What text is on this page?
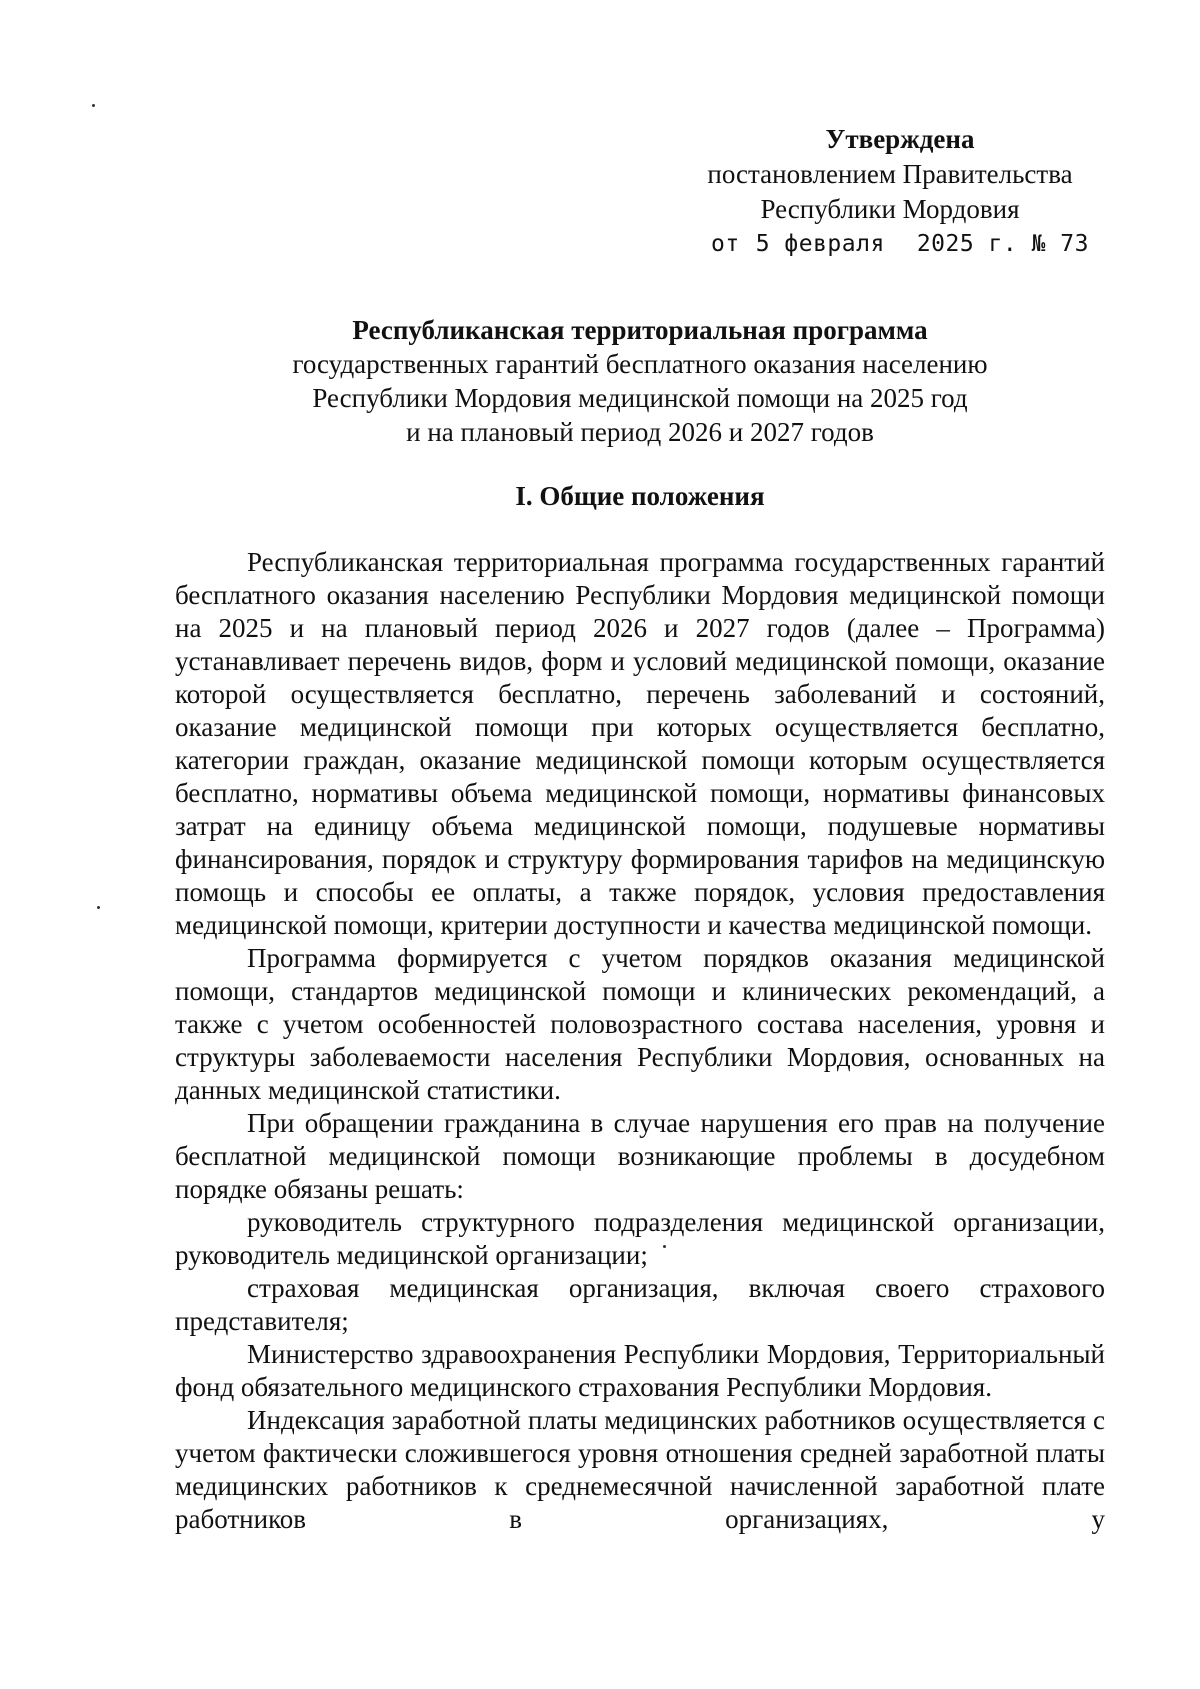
Утверждена
постановлением Правительства
Республики Мордовия
от 5 февраля 2025 г. № 73
Республиканская территориальная программа
государственных гарантий бесплатного оказания населению
Республики Мордовия медицинской помощи на 2025 год
и на плановый период 2026 и 2027 годов
I. Общие положения

Республиканская территориальная программа государственных гарантий бесплатного оказания населению Республики Мордовия медицинской помощи на 2025 и на плановый период 2026 и 2027 годов (далее – Программа) устанавливает перечень видов, форм и условий медицинской помощи, оказание которой осуществляется бесплатно, перечень заболеваний и состояний, оказание медицинской помощи при которых осуществляется бесплатно, категории граждан, оказание медицинской помощи которым осуществляется бесплатно, нормативы объема медицинской помощи, нормативы финансовых затрат на единицу объема медицинской помощи, подушевые нормативы финансирования, порядок и структуру формирования тарифов на медицинскую помощь и способы ее оплаты, а также порядок, условия предоставления медицинской помощи, критерии доступности и качества медицинской помощи.

Программа формируется с учетом порядков оказания медицинской помощи, стандартов медицинской помощи и клинических рекомендаций, а также с учетом особенностей половозрастного состава населения, уровня и структуры заболеваемости населения Республики Мордовия, основанных на данных медицинской статистики.

При обращении гражданина в случае нарушения его прав на получение бесплатной медицинской помощи возникающие проблемы в досудебном порядке обязаны решать:

руководитель структурного подразделения медицинской организации, руководитель медицинской организации;

страховая медицинская организация, включая своего страхового представителя;

Министерство здравоохранения Республики Мордовия, Территориальный фонд обязательного медицинского страхования Республики Мордовия.

Индексация заработной платы медицинских работников осуществляется с учетом фактически сложившегося уровня отношения средней заработной платы медицинских работников к среднемесячной начисленной заработной плате работников в организациях, у
